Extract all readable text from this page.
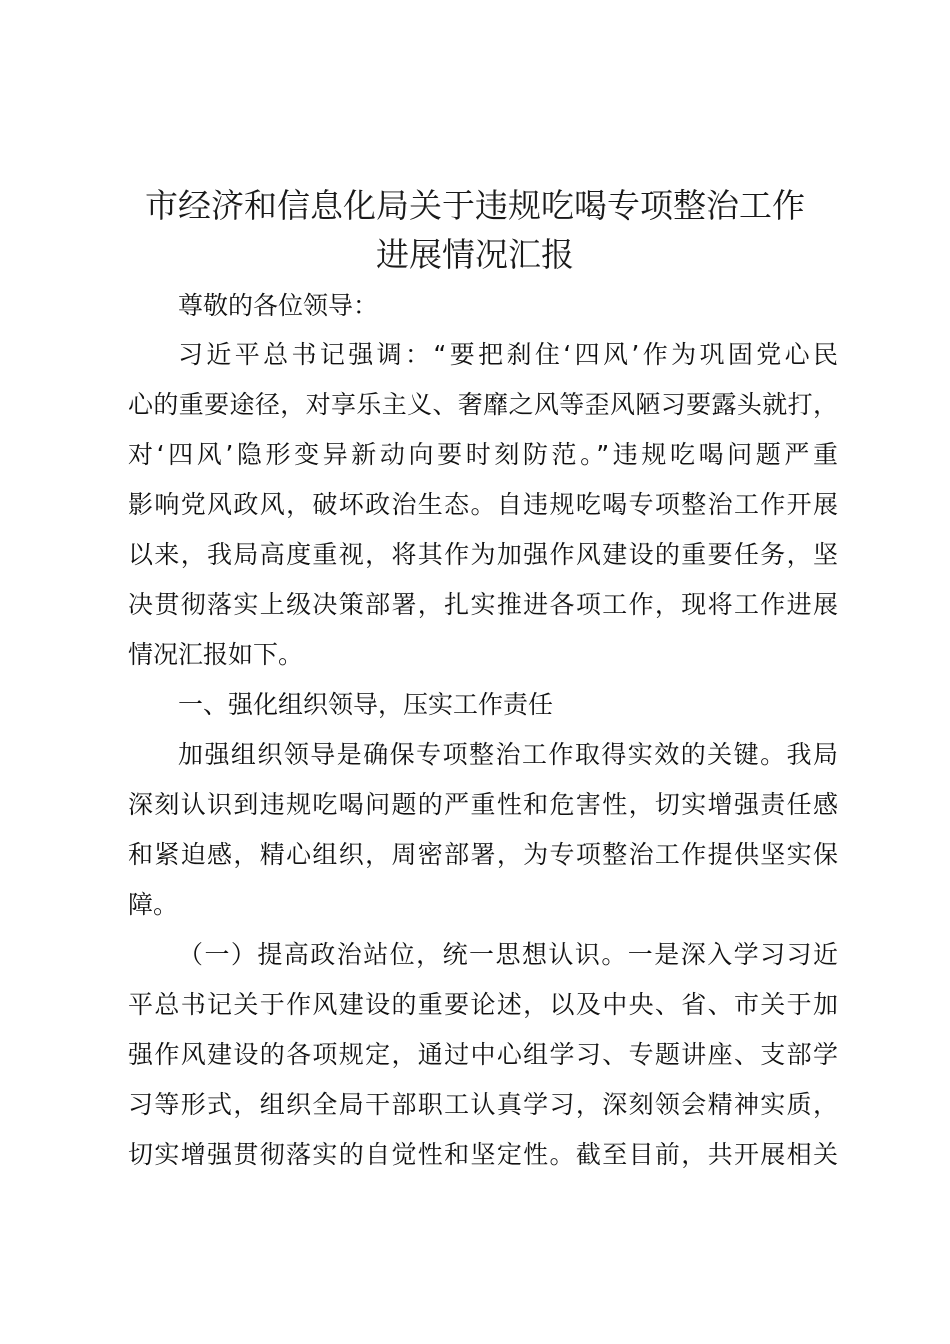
市经济和信息化局关于违规吃喝专项整治工作
进展情况汇报
尊敬的各位领导：
习近平总书记强调：“要把刹住‘四风’作为巩固党心民
心的重要途径，对享乐主义、奢靡之风等歪风陋习要露头就打，
对‘四风’隐形变异新动向要时刻防范。”违规吃喝问题严重
影响党风政风，破坏政治生态。自违规吃喝专项整治工作开展
以来，我局高度重视，将其作为加强作风建设的重要任务，坚
决贯彻落实上级决策部署，扎实推进各项工作，现将工作进展
情况汇报如下。
一、强化组织领导，压实工作责任
加强组织领导是确保专项整治工作取得实效的关键。我局
深刻认识到违规吃喝问题的严重性和危害性，切实增强责任感
和紧迫感，精心组织，周密部署，为专项整治工作提供坚实保
障。
（一）提高政治站位，统一思想认识。一是深入学习习近
平总书记关于作风建设的重要论述，以及中央、省、市关于加
强作风建设的各项规定，通过中心组学习、专题讲座、支部学
习等形式，组织全局干部职工认真学习，深刻领会精神实质，
切实增强贯彻落实的自觉性和坚定性。截至目前，共开展相关
